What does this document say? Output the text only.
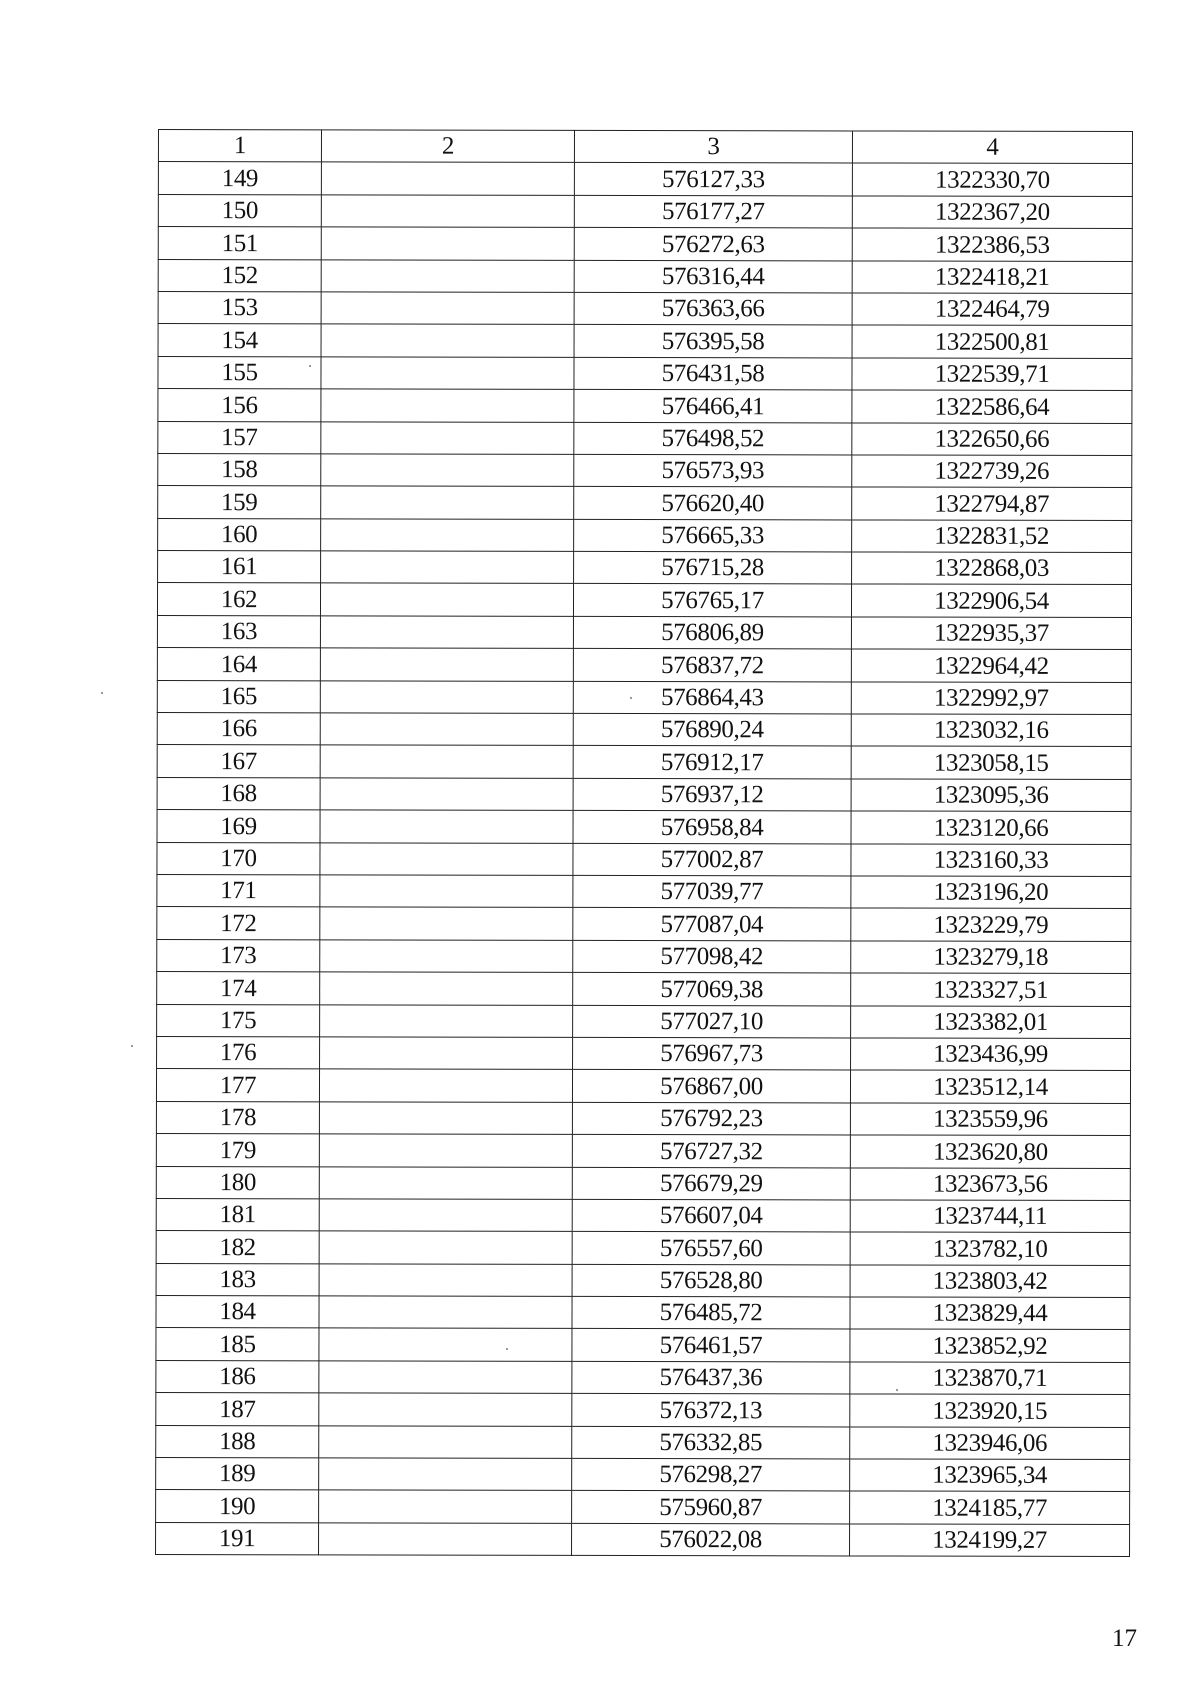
1	2	3	4
149		576127,33	1322330,70
150		576177,27	1322367,20
151		576272,63	1322386,53
152		576316,44	1322418,21
153		576363,66	1322464,79
154		576395,58	1322500,81
155		576431,58	1322539,71
156		576466,41	1322586,64
157		576498,52	1322650,66
158		576573,93	1322739,26
159		576620,40	1322794,87
160		576665,33	1322831,52
161		576715,28	1322868,03
162		576765,17	1322906,54
163		576806,89	1322935,37
164		576837,72	1322964,42
165		576864,43	1322992,97
166		576890,24	1323032,16
167		576912,17	1323058,15
168		576937,12	1323095,36
169		576958,84	1323120,66
170		577002,87	1323160,33
171		577039,77	1323196,20
172		577087,04	1323229,79
173		577098,42	1323279,18
174		577069,38	1323327,51
175		577027,10	1323382,01
176		576967,73	1323436,99
177		576867,00	1323512,14
178		576792,23	1323559,96
179		576727,32	1323620,80
180		576679,29	1323673,56
181		576607,04	1323744,11
182		576557,60	1323782,10
183		576528,80	1323803,42
184		576485,72	1323829,44
185		576461,57	1323852,92
186		576437,36	1323870,71
187		576372,13	1323920,15
188		576332,85	1323946,06
189		576298,27	1323965,34
190		575960,87	1324185,77
191		576022,08	1324199,27
17
